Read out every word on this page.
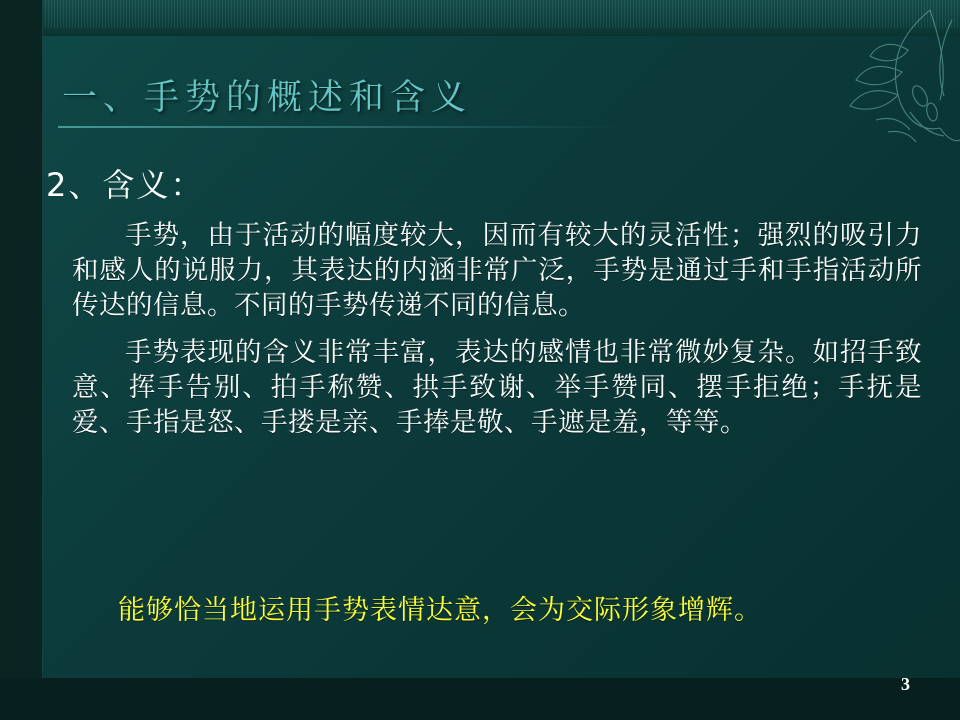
一、手势的概述和含义
2、含义：

手势，由于活动的幅度较大，因而有较大的灵活性；强烈的吸引力和感人的说服力，其表达的内涵非常广泛，手势是通过手和手指活动所传达的信息。不同的手势传递不同的信息。

手势表现的含义非常丰富，表达的感情也非常微妙复杂。如招手致意、挥手告别、拍手称赞、拱手致谢、举手赞同、摆手拒绝；手抚是爱、手指是怒、手搂是亲、手捧是敬、手遮是羞，等等。

能够恰当地运用手势表情达意，会为交际形象增辉。
3
